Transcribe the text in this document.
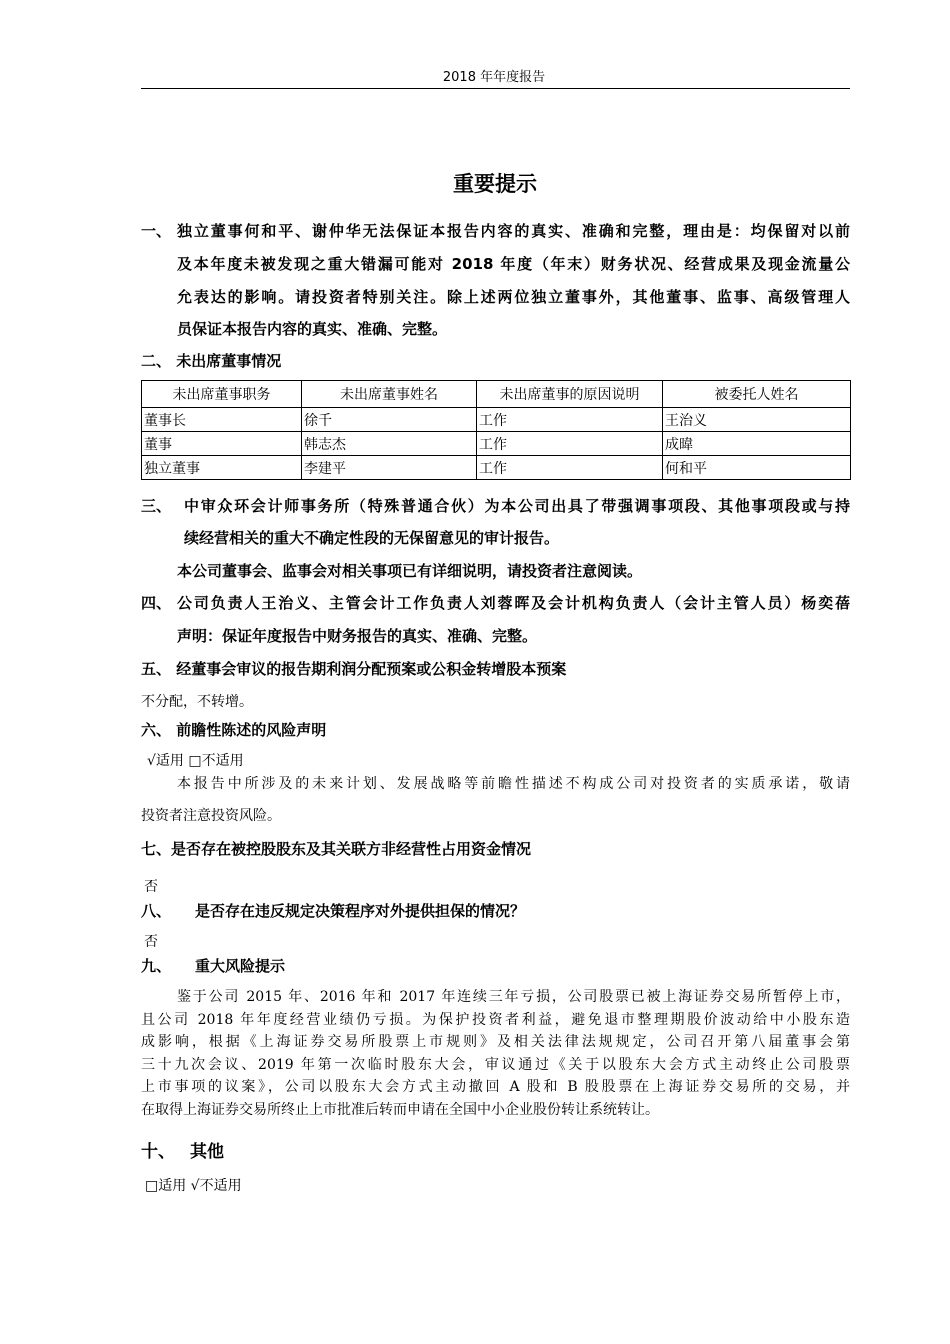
2018 年年度报告
重要提示
一、 独立董事何和平、谢仲华无法保证本报告内容的真实、准确和完整，理由是：均保留对以前
及本年度未被发现之重大错漏可能对 2018 年度（年末）财务状况、经营成果及现金流量公
允表达的影响。请投资者特别关注。除上述两位独立董事外，其他董事、监事、高级管理人
员保证本报告内容的真实、准确、完整。
二、 未出席董事情况
未出席董事职务	未出席董事姓名	未出席董事的原因说明	被委托人姓名
董事长	徐千	工作	王治义
董事	韩志杰	工作	成暐
独立董事	李建平	工作	何和平
三、 中审众环会计师事务所（特殊普通合伙）为本公司出具了带强调事项段、其他事项段或与持
续经营相关的重大不确定性段的无保留意见的审计报告。
本公司董事会、监事会对相关事项已有详细说明，请投资者注意阅读。
四、 公司负责人王治义、主管会计工作负责人刘蓉晖及会计机构负责人（会计主管人员）杨奕蓓
声明：保证年度报告中财务报告的真实、准确、完整。
五、 经董事会审议的报告期利润分配预案或公积金转增股本预案
不分配，不转增。
六、 前瞻性陈述的风险声明
√适用 □不适用
本报告中所涉及的未来计划、发展战略等前瞻性描述不构成公司对投资者的实质承诺，敬请
投资者注意投资风险。
七、是否存在被控股股东及其关联方非经营性占用资金情况
否
八、 是否存在违反规定决策程序对外提供担保的情况？
否
九、 重大风险提示
鉴于公司 2015 年、2016 年和 2017 年连续三年亏损，公司股票已被上海证券交易所暂停上市，
且公司 2018 年年度经营业绩仍亏损。为保护投资者利益，避免退市整理期股价波动给中小股东造
成影响，根据《上海证券交易所股票上市规则》及相关法律法规规定，公司召开第八届董事会第
三十九次会议、2019 年第一次临时股东大会，审议通过《关于以股东大会方式主动终止公司股票
上市事项的议案》，公司以股东大会方式主动撤回 A 股和 B 股股票在上海证券交易所的交易，并
在取得上海证券交易所终止上市批准后转而申请在全国中小企业股份转让系统转让。
十、 其他
□适用 √不适用
